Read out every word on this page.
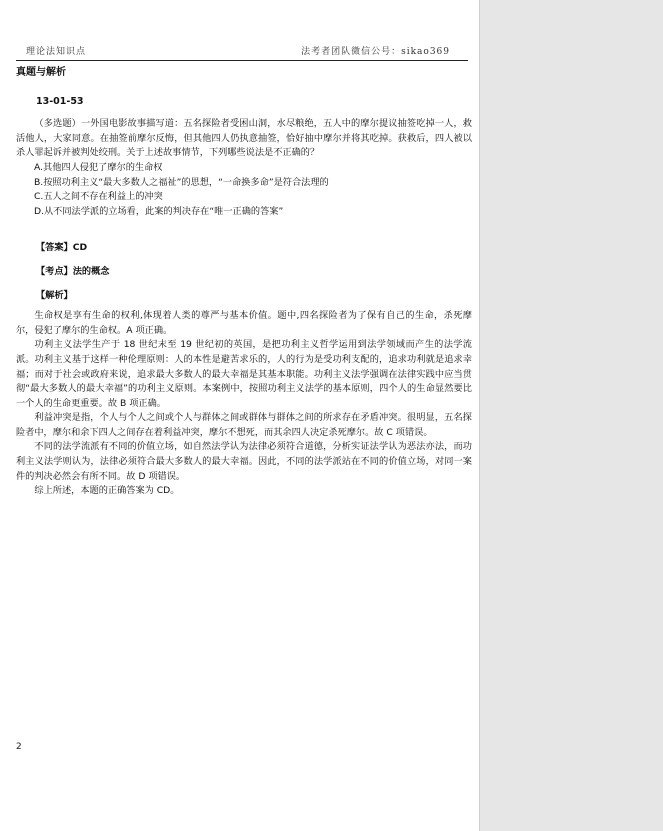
理论法知识点	法考者团队微信公号：sikao369

真题与解析

13-01-53

（多选题）一外国电影故事描写道：五名探险者受困山洞，水尽粮绝，五人中的摩尔提议抽签吃掉一人，救活他人，大家同意。在抽签前摩尔反悔，但其他四人仍执意抽签，恰好抽中摩尔并将其吃掉。获救后，四人被以杀人罪起诉并被判处绞刑。关于上述故事情节，下列哪些说法是不正确的？

A.其他四人侵犯了摩尔的生命权

B.按照功利主义“最大多数人之福祉”的思想，“一命换多命”是符合法理的

C.五人之间不存在利益上的冲突

D.从不同法学派的立场看，此案的判决存在“唯一正确的答案”

【答案】CD

【考点】法的概念

【解析】

生命权是享有生命的权利,体现着人类的尊严与基本价值。题中,四名探险者为了保有自己的生命，杀死摩尔，侵犯了摩尔的生命权。A 项正确。

功利主义法学生产于 18 世纪末至 19 世纪初的英国，是把功利主义哲学运用到法学领域而产生的法学流派。功利主义基于这样一种伦理原则：人的本性是避苦求乐的，人的行为是受功利支配的，追求功利就是追求幸福；而对于社会或政府来说，追求最大多数人的最大幸福是其基本职能。功利主义法学强调在法律实践中应当贯彻“最大多数人的最大幸福”的功利主义原则。本案例中，按照功利主义法学的基本原则，四个人的生命显然要比一个人的生命更重要。故 B 项正确。

利益冲突是指，个人与个人之间或个人与群体之间或群体与群体之间的所求存在矛盾冲突。很明显，五名探险者中，摩尔和余下四人之间存在着利益冲突，摩尔不想死，而其余四人决定杀死摩尔。故 C 项错误。

不同的法学流派有不同的价值立场，如自然法学认为法律必须符合道德，分析实证法学认为恶法亦法，而功利主义法学则认为，法律必须符合最大多数人的最大幸福。因此，不同的法学派站在不同的价值立场，对同一案件的判决必然会有所不同。故 D 项错误。

综上所述，本题的正确答案为 CD。

2
